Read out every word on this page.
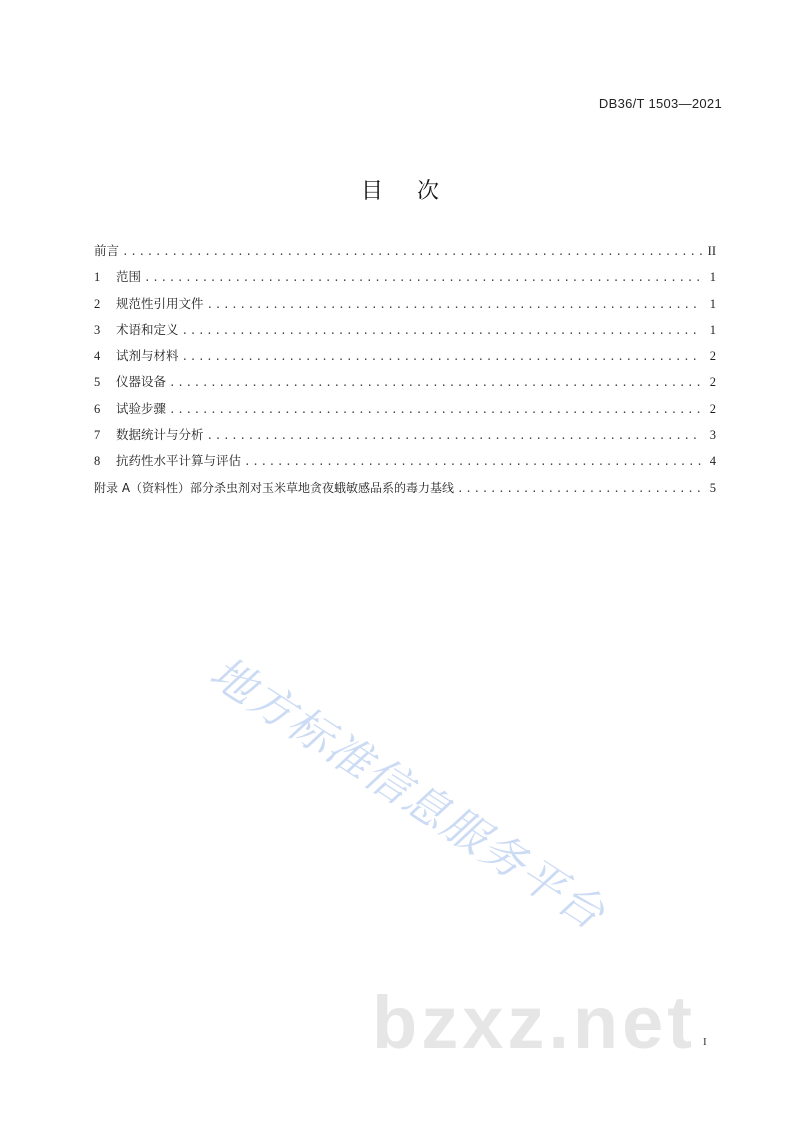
DB36/T 1503—2021
目次
前言 .....	II
1	范围 .....	1
2	规范性引用文件 .....	1
3	术语和定义 .....	1
4	试剂与材料 .....	2
5	仪器设备 .....	2
6	试验步骤 .....	2
7	数据统计与分析 .....	3
8	抗药性水平计算与评估 .....	4
附录 A（资料性）部分杀虫剂对玉米草地贪夜蛾敏感品系的毒力基线 .....	5
地方标准信息服务平台
bzxz.net I
